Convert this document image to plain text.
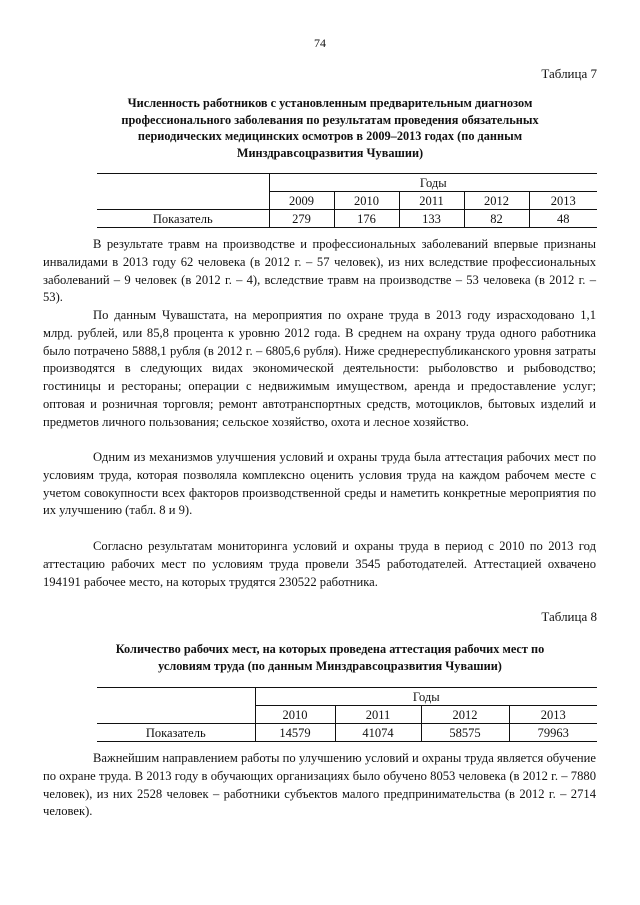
74
Таблица 7
Численность работников с установленным предварительным диагнозом профессионального заболевания по результатам проведения обязательных периодических медицинских осмотров в 2009–2013 годах (по данным Минздравсоцразвития Чувашии)
	Годы				
	2009	2010	2011	2012	2013
Показатель	279	176	133	82	48

В результате травм на производстве и профессиональных заболеваний впервые признаны инвалидами в 2013 году 62 человека (в 2012 г. – 57 человек), из них вследствие профессиональных заболеваний – 9 человек (в 2012 г. – 4), вследствие травм на производстве – 53 человека (в 2012 г. – 53).

По данным Чувашстата, на мероприятия по охране труда в 2013 году израсходовано 1,1 млрд. рублей, или 85,8 процента к уровню 2012 года. В среднем на охрану труда одного работника было потрачено 5888,1 рубля (в 2012 г. – 6805,6 рубля). Ниже среднереспубликанского уровня затраты производятся в следующих видах экономической деятельности: рыболовство и рыбоводство; гостиницы и рестораны; операции с недвижимым имуществом, аренда и предоставление услуг; оптовая и розничная торговля; ремонт автотранспортных средств, мотоциклов, бытовых изделий и предметов личного пользования; сельское хозяйство, охота и лесное хозяйство.

Одним из механизмов улучшения условий и охраны труда была аттестация рабочих мест по условиям труда, которая позволяла комплексно оценить условия труда на каждом рабочем месте с учетом совокупности всех факторов производственной среды и наметить конкретные мероприятия по их улучшению (табл. 8 и 9).

Согласно результатам мониторинга условий и охраны труда в период с 2010 по 2013 год аттестацию рабочих мест по условиям труда провели 3545 работодателей. Аттестацией охвачено 194191 рабочее место, на которых трудятся 230522 работника.

Таблица 8
Количество рабочих мест, на которых проведена аттестация рабочих мест по условиям труда (по данным Минздравсоцразвития Чувашии)
	Годы			
	2010	2011	2012	2013
Показатель	14579	41074	58575	79963

Важнейшим направлением работы по улучшению условий и охраны труда является обучение по охране труда. В 2013 году в обучающих организациях было обучено 8053 человека (в 2012 г. – 7880 человек), из них 2528 человек – работники субъектов малого предпринимательства (в 2012 г. – 2714 человек).
